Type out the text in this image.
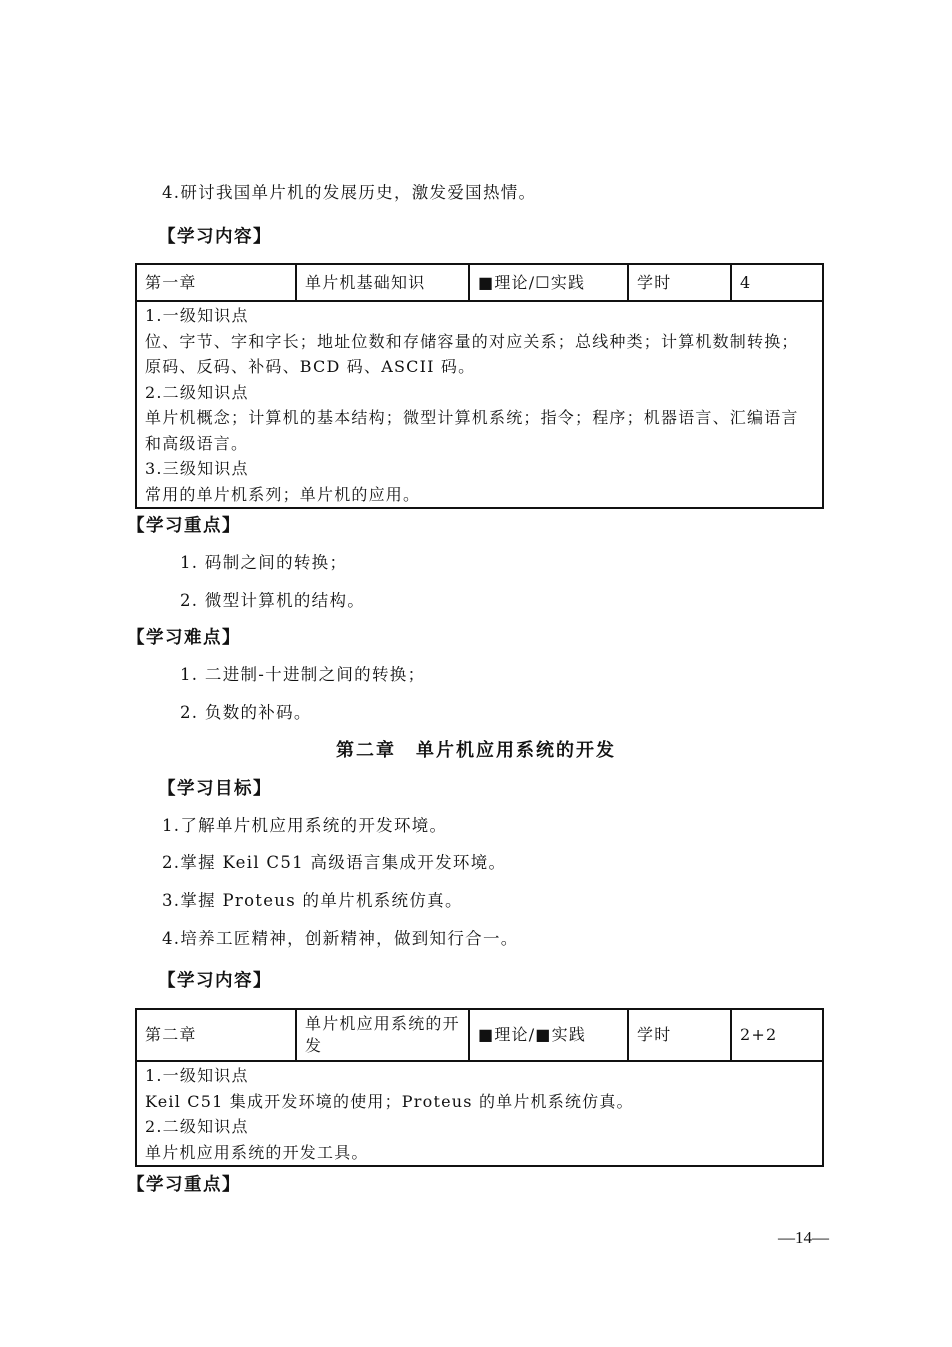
4.研讨我国单片机的发展历史，激发爱国热情。
【学习内容】
第一章	单片机基础知识	■理论/☐实践	学时	4

1.一级知识点
位、字节、字和字长；地址位数和存储容量的对应关系；总线种类；计算机数制转换；原码、反码、补码、BCD 码、ASCII 码。
2.二级知识点
单片机概念；计算机的基本结构；微型计算机系统；指令；程序；机器语言、汇编语言和高级语言。
3.三级知识点
常用的单片机系列；单片机的应用。
【学习重点】
1. 码制之间的转换；
2. 微型计算机的结构。
【学习难点】
1. 二进制-十进制之间的转换；
2. 负数的补码。
第二章　单片机应用系统的开发
【学习目标】
1.了解单片机应用系统的开发环境。
2.掌握 Keil C51 高级语言集成开发环境。
3.掌握 Proteus 的单片机系统仿真。
4.培养工匠精神，创新精神，做到知行合一。
【学习内容】
第二章	单片机应用系统的开发	■理论/■实践	学时	2+2

1.一级知识点
Keil C51 集成开发环境的使用；Proteus 的单片机系统仿真。
2.二级知识点
单片机应用系统的开发工具。
【学习重点】
—14—
